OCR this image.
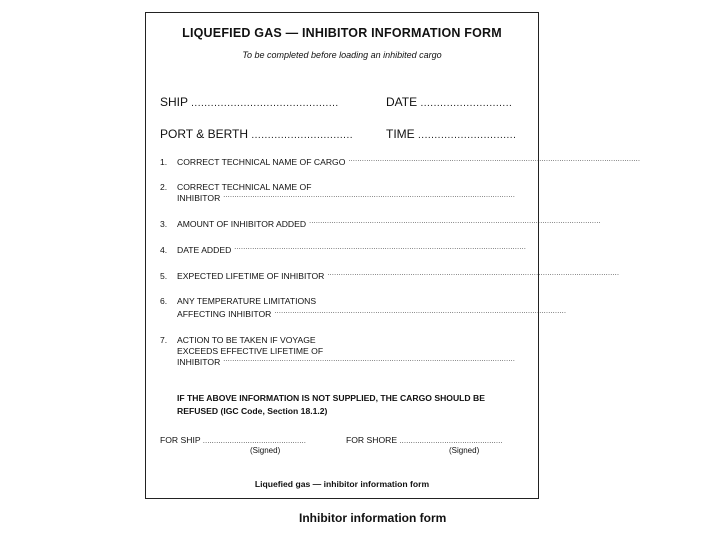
LIQUEFIED GAS — INHIBITOR INFORMATION FORM
To be completed before loading an inhibited cargo
SHIP .............................................	DATE ............................
PORT & BERTH ...............................	TIME ..............................
1. CORRECT TECHNICAL NAME OF CARGO ..................................................................................................................................
2. CORRECT TECHNICAL NAME OF
INHIBITOR ..................................................................................................................................
3. AMOUNT OF INHIBITOR ADDED ..................................................................................................................................
4. DATE ADDED ..................................................................................................................................
5. EXPECTED LIFETIME OF INHIBITOR ..................................................................................................................................
6. ANY TEMPERATURE LIMITATIONS
AFFECTING INHIBITOR ..................................................................................................................................
7. ACTION TO BE TAKEN IF VOYAGE
EXCEEDS EFFECTIVE LIFETIME OF
INHIBITOR ..................................................................................................................................
IF THE ABOVE INFORMATION IS NOT SUPPLIED, THE CARGO SHOULD BE REFUSED (IGC Code, Section 18.1.2)
FOR SHIP ..............................................
(Signed)
FOR SHORE ..............................................
(Signed)
Liquefied gas — inhibitor information form
Inhibitor information form
